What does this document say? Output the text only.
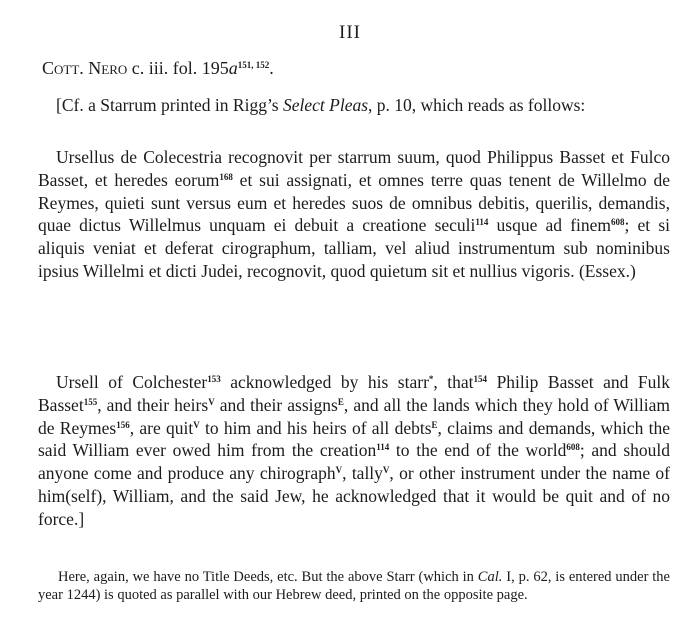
III
Cott. Nero c. iii. fol. $195a^{151, 152}$.

[Cf. a Starrum printed in Rigg’s Select Pleas, p. 10, which reads as follows:

Ursellus de Colecestria recognovit per starrum suum, quod Philippus Basset et Fulco Basset, et heredes eorum$^{168}$ et sui assignati, et omnes terre quas tenent de Willelmo de Reymes, quieti sunt versus eum et heredes suos de omnibus debitis, querilis, demandis, quae dictus Willelmus unquam ei debuit a creatione seculi$^{114}$ usque ad finem$^{608}$; et si aliquis veniat et deferat cirographum, talliam, vel aliud instrumentum sub nominibus ipsius Willelmi et dicti Judei, recognovit, quod quietum sit et nullius vigoris. (Essex.)

Ursell of Colchester$^{153}$ acknowledged by his starr*, that$^{154}$ Philip Basset and Fulk Basset$^{155}$, and their heirs$^V$ and their assigns$^E$, and all the lands which they hold of William de Reymes$^{156}$, are quit$^V$ to him and his heirs of all debts$^E$, claims and demands, which the said William ever owed him from the creation$^{114}$ to the end of the world$^{608}$; and should anyone come and produce any chirograph$^V$, tally$^V$, or other instrument under the name of him(self), William, and the said Jew, he acknowledged that it would be quit and of no force.]

Here, again, we have no Title Deeds, etc. But the above Starr (which in Cal. I, p. 62, is entered under the year 1244) is quoted as parallel with our Hebrew deed, printed on the opposite page.
